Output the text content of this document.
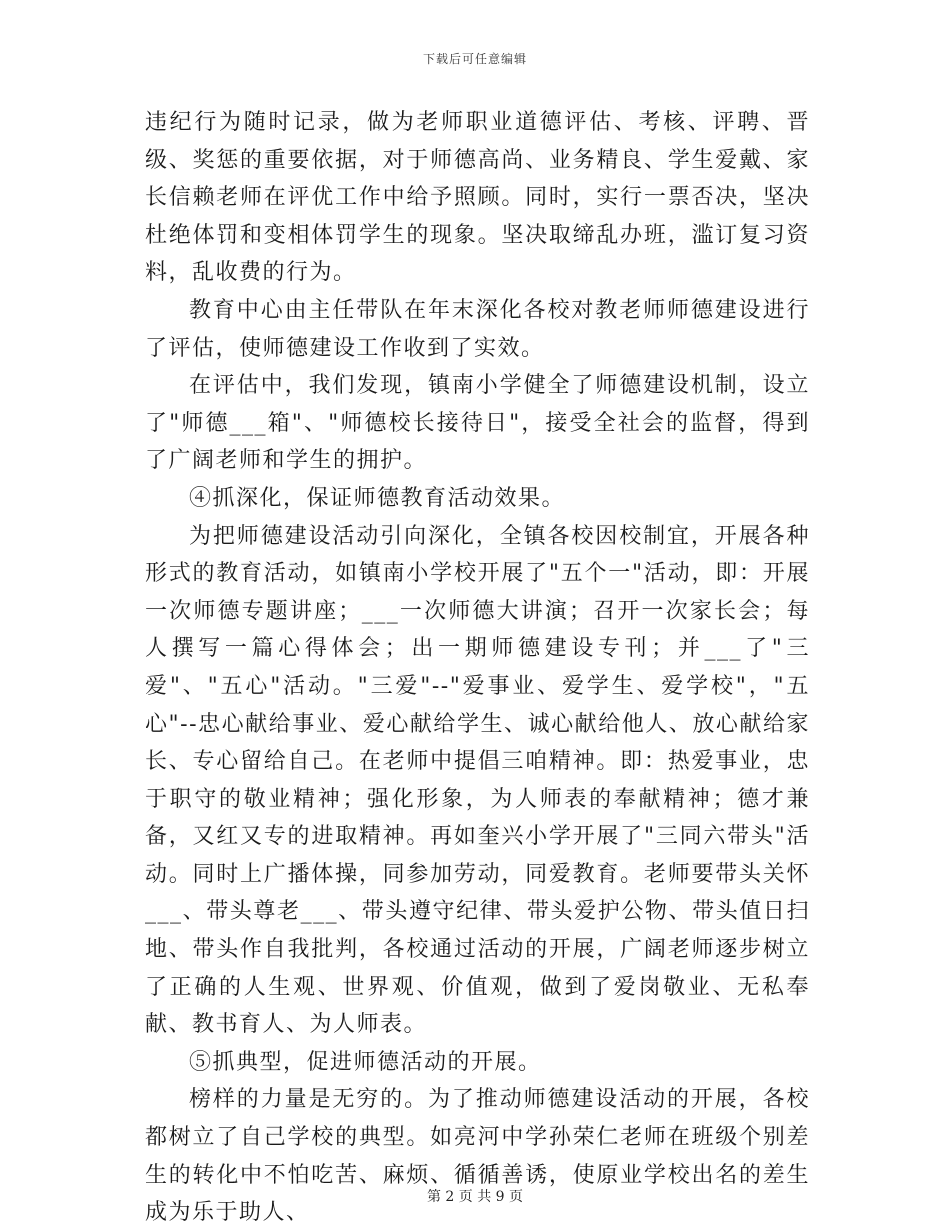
下载后可任意编辑

违纪行为随时记录，做为老师职业道德评估、考核、评聘、晋级、奖惩的重要依据，对于师德高尚、业务精良、学生爱戴、家长信赖老师在评优工作中给予照顾。同时，实行一票否决，坚决杜绝体罚和变相体罚学生的现象。坚决取缔乱办班，滥订复习资料，乱收费的行为。

教育中心由主任带队在年末深化各校对教老师师德建设进行了评估，使师德建设工作收到了实效。

在评估中，我们发现，镇南小学健全了师德建设机制，设立了"师德___箱"、"师德校长接待日"，接受全社会的监督，得到了广阔老师和学生的拥护。

④抓深化，保证师德教育活动效果。

为把师德建设活动引向深化，全镇各校因校制宜，开展各种形式的教育活动，如镇南小学校开展了"五个一"活动，即：开展一次师德专题讲座；___一次师德大讲演；召开一次家长会；每人撰写一篇心得体会；出一期师德建设专刊；并___了"三爱"、"五心"活动。"三爱"--"爱事业、爱学生、爱学校"，"五心"--忠心献给事业、爱心献给学生、诚心献给他人、放心献给家长、专心留给自己。在老师中提倡三咱精神。即：热爱事业，忠于职守的敬业精神；强化形象，为人师表的奉献精神；德才兼备，又红又专的进取精神。再如奎兴小学开展了"三同六带头"活动。同时上广播体操，同参加劳动，同爱教育。老师要带头关怀___、带头尊老___、带头遵守纪律、带头爱护公物、带头值日扫地、带头作自我批判，各校通过活动的开展，广阔老师逐步树立了正确的人生观、世界观、价值观，做到了爱岗敬业、无私奉献、教书育人、为人师表。

⑤抓典型，促进师德活动的开展。

榜样的力量是无穷的。为了推动师德建设活动的开展，各校都树立了自己学校的典型。如亮河中学孙荣仁老师在班级个别差生的转化中不怕吃苦、麻烦、循循善诱，使原业学校出名的差生成为乐于助人、

第 2 页 共 9 页
